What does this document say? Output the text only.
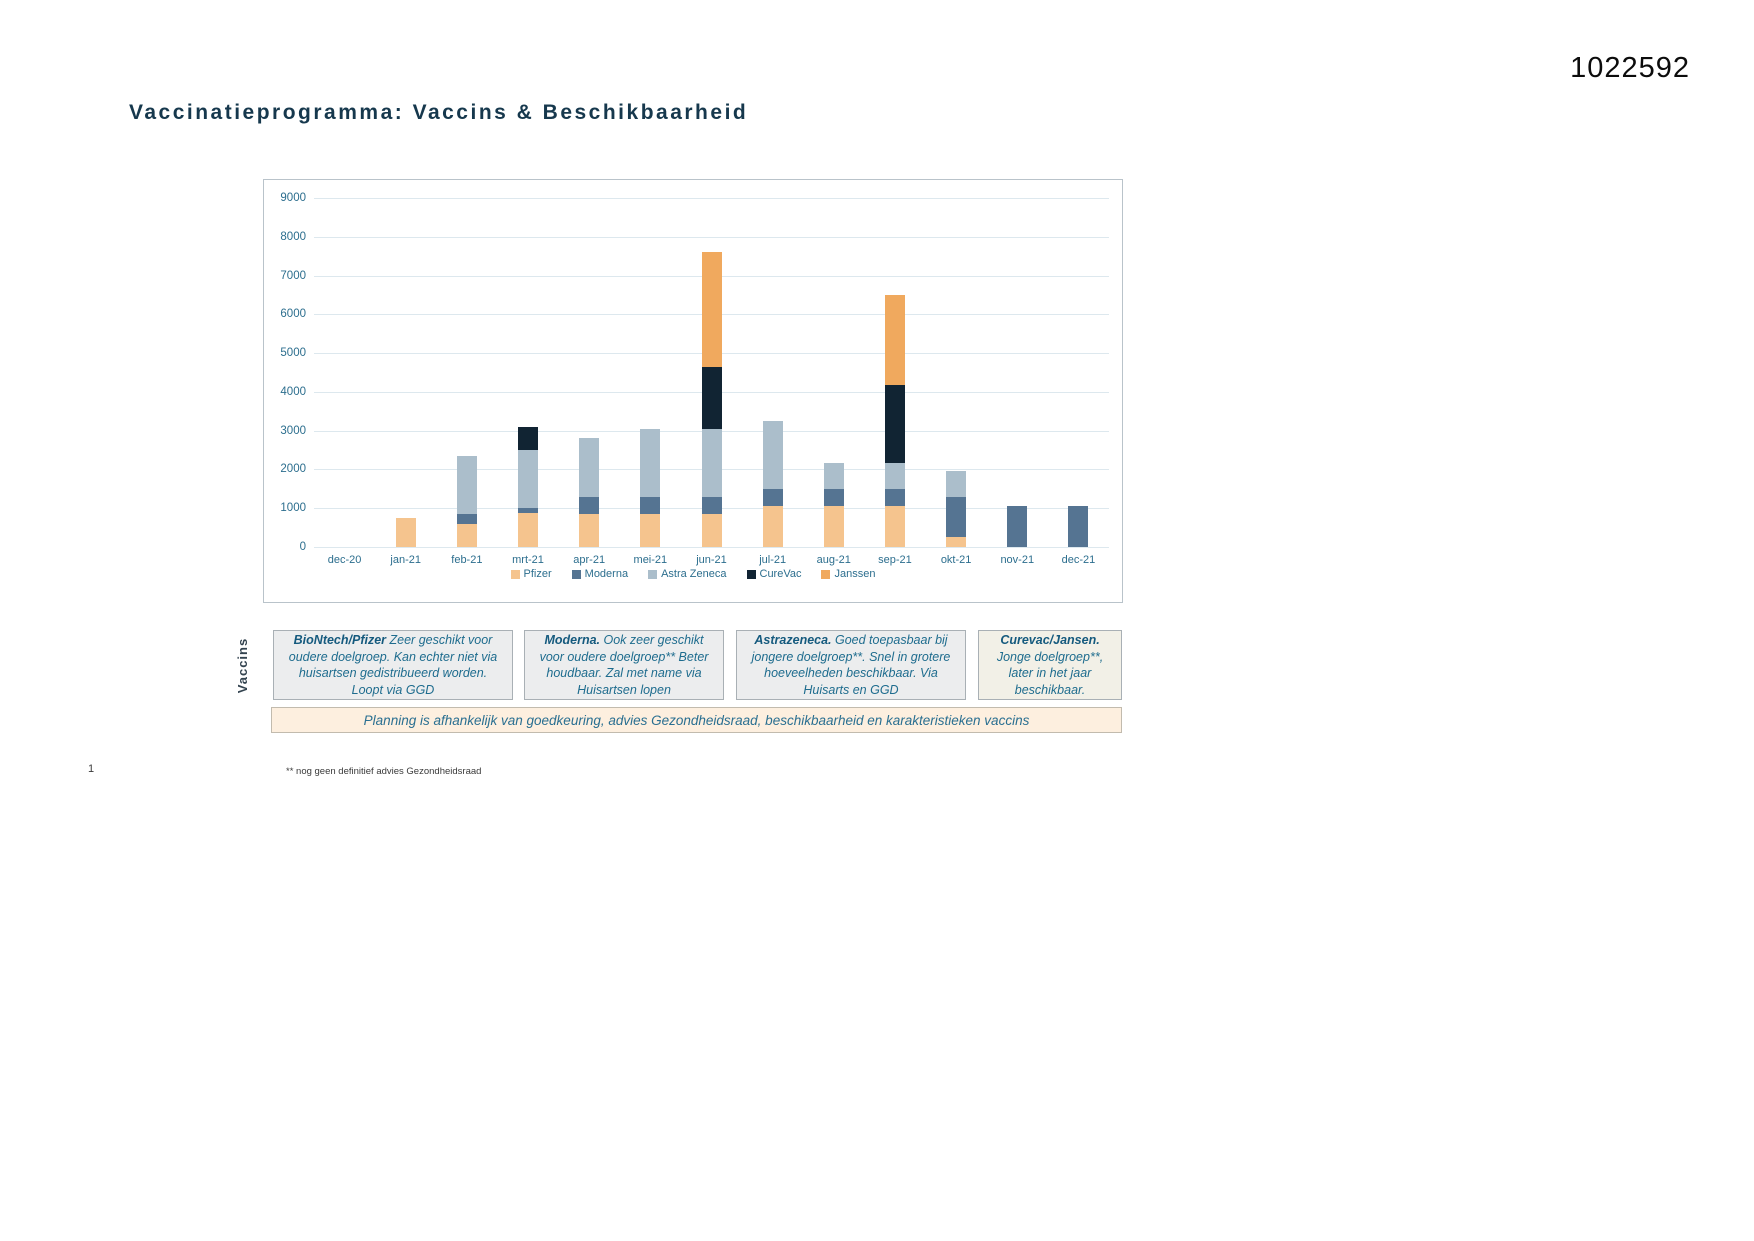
1022592
Vaccinatieprogramma: Vaccins & Beschikbaarheid
0
1000
2000
3000
4000
5000
6000
7000
8000
9000
dec-20	jan-21	feb-21	mrt-21	apr-21	mei-21	jun-21	jul-21	aug-21	sep-21	okt-21	nov-21	dec-21
Pfizer	Moderna	Astra Zeneca	CureVac	Janssen
Vaccins	BioNtech/Pfizer Zeer geschikt voor oudere doelgroep. Kan echter niet via huisartsen gedistribueerd worden. Loopt via GGD
Moderna. Ook zeer geschikt voor oudere doelgroep** Beter houdbaar. Zal met name via Huisartsen lopen
Astrazeneca. Goed toepasbaar bij jongere doelgroep**. Snel in grotere hoeveelheden beschikbaar. Via Huisarts en GGD
Curevac/Jansen. Jonge doelgroep**, later in het jaar beschikbaar.
Planning is afhankelijk van goedkeuring, advies Gezondheidsraad, beschikbaarheid en karakteristieken vaccins
** nog geen definitief advies Gezondheidsraad
1
